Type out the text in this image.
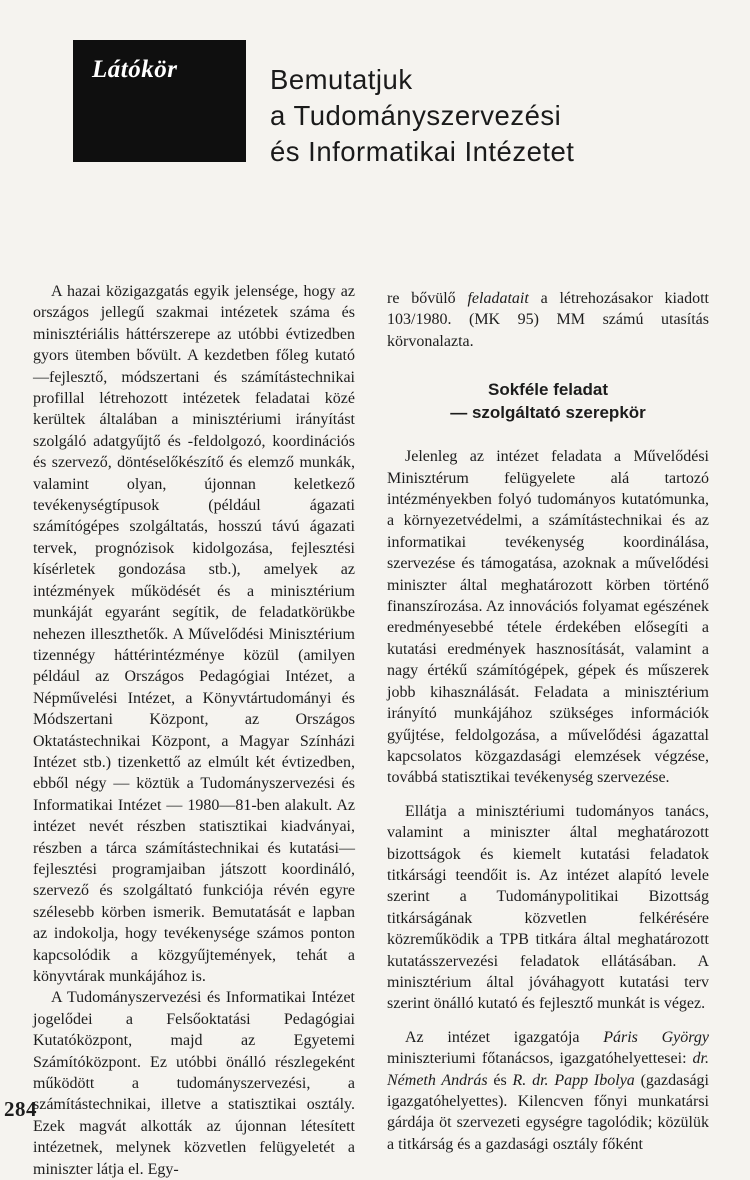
Látókör	Bemutatjuk
a Tudományszervezési
és Informatikai Intézetet

A hazai közigazgatás egyik jelensége, hogy az országos jellegű szakmai intézetek száma és minisztériális háttérszerepe az utóbbi évtizedben gyors ütemben bővült. A kezdetben főleg kutató—fejlesztő, módszertani és számítástechnikai profillal létrehozott intézetek feladatai közé kerültek általában a minisztériumi irányítást szolgáló adatgyűjtő és -feldolgozó, koordinációs és szervező, döntéselőkészítő és elemző munkák, valamint olyan, újonnan keletkező tevékenységtípusok (például ágazati számítógépes szolgáltatás, hosszú távú ágazati tervek, prognózisok kidolgozása, fejlesztési kísérletek gondozása stb.), amelyek az intézmények működését és a minisztérium munkáját egyaránt segítik, de feladatkörükbe nehezen illeszthetők. A Művelődési Minisztérium tizennégy háttérintézménye közül (amilyen például az Országos Pedagógiai Intézet, a Népművelési Intézet, a Könyvtártudományi és Módszertani Központ, az Országos Oktatástechnikai Központ, a Magyar Színházi Intézet stb.) tizenkettő az elmúlt két évtizedben, ebből négy — köztük a Tudományszervezési és Informatikai Intézet — 1980—81-ben alakult. Az intézet nevét részben statisztikai kiadványai, részben a tárca számítástechnikai és kutatási—fejlesztési programjaiban játszott koordináló, szervező és szolgáltató funkciója révén egyre szélesebb körben ismerik. Bemutatását e lapban az indokolja, hogy tevékenysége számos ponton kapcsolódik a közgyűjtemények, tehát a könyvtárak munkájához is.

A Tudományszervezési és Informatikai Intézet jogelődei a Felsőoktatási Pedagógiai Kutatóközpont, majd az Egyetemi Számítóközpont. Ez utóbbi önálló részlegeként működött a tudományszervezési, a számítástechnikai, illetve a statisztikai osztály. Ezek magvát alkották az újonnan létesített intézetnek, melynek közvetlen felügyeletét a miniszter látja el. Egy-

re bővülő feladatait a létrehozásakor kiadott 103/1980. (MK 95) MM számú utasítás körvonalazta.

Sokféle feladat
— szolgáltató szerepkör

Jelenleg az intézet feladata a Művelődési Minisztérum felügyelete alá tartozó intézményekben folyó tudományos kutatómunka, a környezetvédelmi, a számítástechnikai és az informatikai tevékenység koordinálása, szervezése és támogatása, azoknak a művelődési miniszter által meghatározott körben történő finanszírozása. Az innovációs folyamat egészének eredményesebbé tétele érdekében elősegíti a kutatási eredmények hasznosítását, valamint a nagy értékű számítógépek, gépek és műszerek jobb kihasználását. Feladata a minisztérium irányító munkájához szükséges információk gyűjtése, feldolgozása, a művelődési ágazattal kapcsolatos közgazdasági elemzések végzése, továbbá statisztikai tevékenység szervezése.

Ellátja a minisztériumi tudományos tanács, valamint a miniszter által meghatározott bizottságok és kiemelt kutatási feladatok titkársági teendőit is. Az intézet alapító levele szerint a Tudománypolitikai Bizottság titkárságának közvetlen felkérésére közreműködik a TPB titkára által meghatározott kutatásszervezési feladatok ellátásában. A minisztérium által jóváhagyott kutatási terv szerint önálló kutató és fejlesztő munkát is végez.

Az intézet igazgatója Páris György miniszteriumi főtanácsos, igazgatóhelyettesei: dr. Németh András és R. dr. Papp Ibolya (gazdasági igazgatóhelyettes). Kilencven főnyi munkatársi gárdája öt szervezeti egységre tagolódik; közülük a titkárság és a gazdasági osztály főként

284
